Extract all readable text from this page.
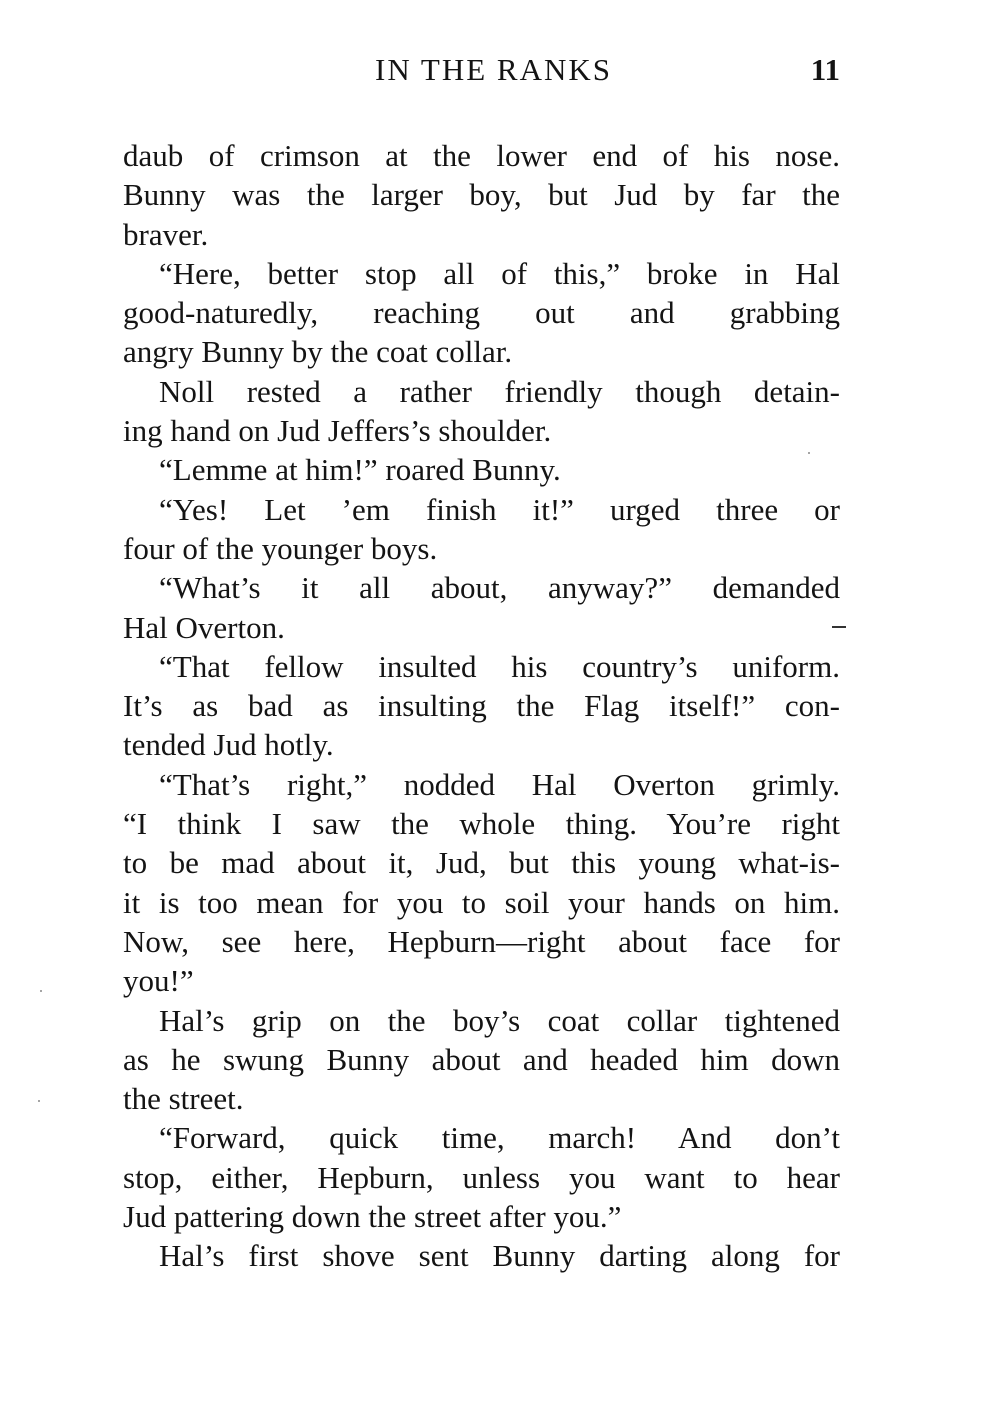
IN THE RANKS	11
daub of crimson at the lower end of his nose.
Bunny was the larger boy, but Jud by far the
braver.
“Here, better stop all of this,” broke in Hal
good-naturedly, reaching out and grabbing
angry Bunny by the coat collar.
Noll rested a rather friendly though detain-
ing hand on Jud Jeffers’s shoulder.
“Lemme at him!” roared Bunny.
“Yes! Let ’em finish it!” urged three or
four of the younger boys.
“What’s it all about, anyway?” demanded
Hal Overton.
“That fellow insulted his country’s uniform.
It’s as bad as insulting the Flag itself!” con-
tended Jud hotly.
“That’s right,” nodded Hal Overton grimly.
“I think I saw the whole thing. You’re right
to be mad about it, Jud, but this young what-is-
it is too mean for you to soil your hands on him.
Now, see here, Hepburn—right about face for
you!”
Hal’s grip on the boy’s coat collar tightened
as he swung Bunny about and headed him down
the street.
“Forward, quick time, march! And don’t
stop, either, Hepburn, unless you want to hear
Jud pattering down the street after you.”
Hal’s first shove sent Bunny darting along for
